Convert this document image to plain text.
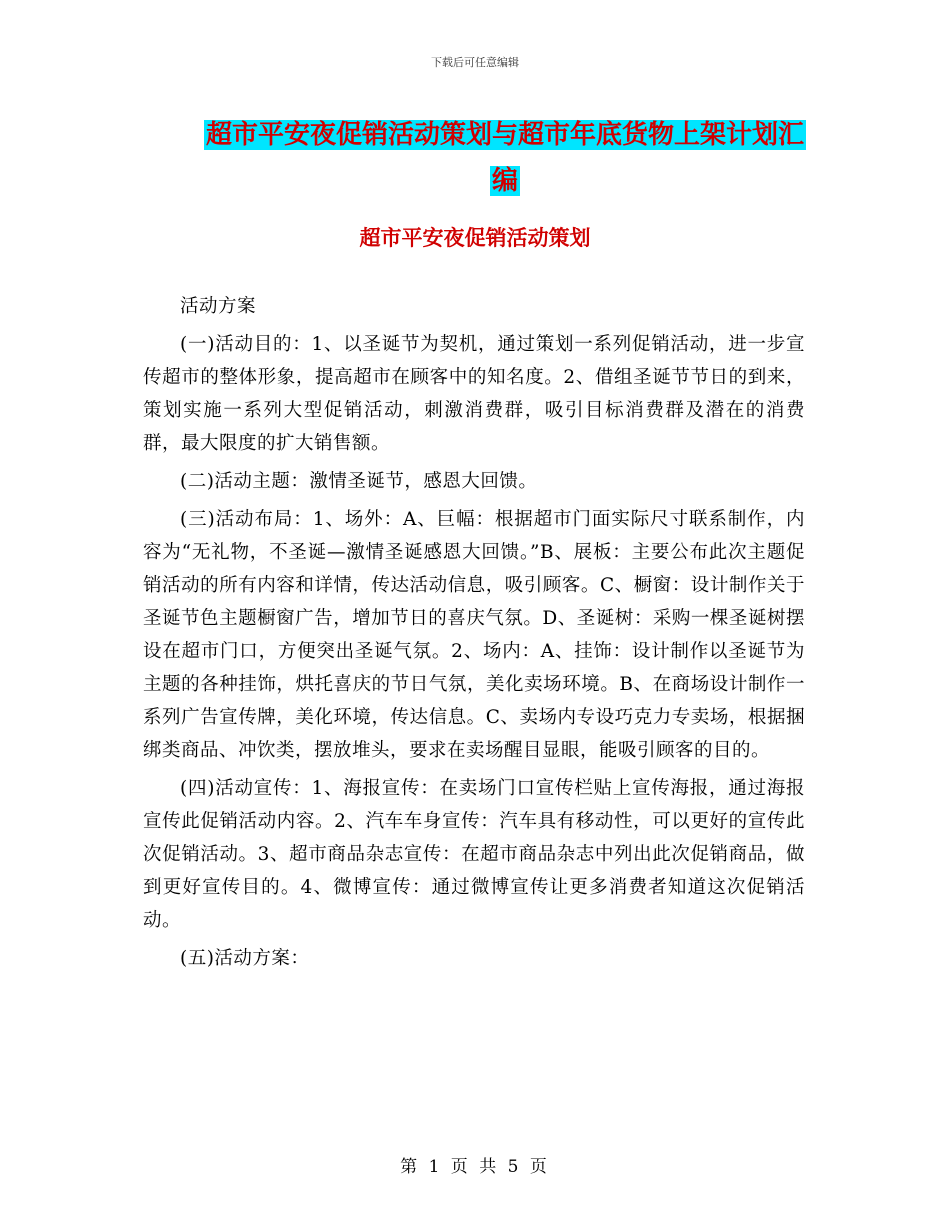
下载后可任意编辑
超市平安夜促销活动策划与超市年底货物上架计划汇编
超市平安夜促销活动策划

活动方案

(一)活动目的：1、以圣诞节为契机，通过策划一系列促销活动，进一步宣传超市的整体形象，提高超市在顾客中的知名度。2、借组圣诞节节日的到来，策划实施一系列大型促销活动，刺激消费群，吸引目标消费群及潜在的消费群，最大限度的扩大销售额。

(二)活动主题：激情圣诞节，感恩大回馈。

(三)活动布局：1、场外：A、巨幅：根据超市门面实际尺寸联系制作，内容为“无礼物，不圣诞—激情圣诞感恩大回馈。”B、展板：主要公布此次主题促销活动的所有内容和详情，传达活动信息，吸引顾客。C、橱窗：设计制作关于圣诞节色主题橱窗广告，增加节日的喜庆气氛。D、圣诞树：采购一棵圣诞树摆设在超市门口，方便突出圣诞气氛。2、场内：A、挂饰：设计制作以圣诞节为主题的各种挂饰，烘托喜庆的节日气氛，美化卖场环境。B、在商场设计制作一系列广告宣传牌，美化环境，传达信息。C、卖场内专设巧克力专卖场，根据捆绑类商品、冲饮类，摆放堆头，要求在卖场醒目显眼，能吸引顾客的目的。

(四)活动宣传：1、海报宣传：在卖场门口宣传栏贴上宣传海报，通过海报宣传此促销活动内容。2、汽车车身宣传：汽车具有移动性，可以更好的宣传此次促销活动。3、超市商品杂志宣传：在超市商品杂志中列出此次促销商品，做到更好宣传目的。4、微博宣传：通过微博宣传让更多消费者知道这次促销活动。

(五)活动方案：

第 1 页 共 5 页
